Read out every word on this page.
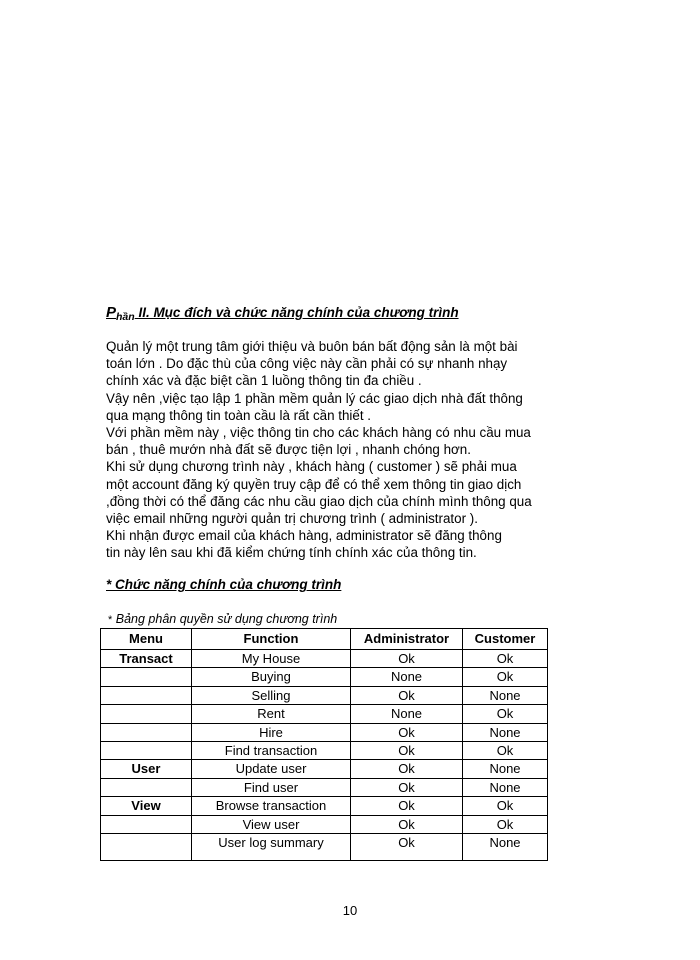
$P_{hần}$ II. Mục đích và chức năng chính của chương trình
Quản lý một trung tâm giới thiệu và buôn bán bất động sản là một bài
toán lớn . Do đặc thù của công việc này cần phải có sự nhanh nhạy
chính xác và đặc biệt cần 1 luồng thông tin đa chiều .
Vậy nên ,việc tạo lập 1 phần mềm quản lý các giao dịch nhà đất thông
qua mạng thông tin toàn cầu là rất cần thiết .
Với phần mềm này , việc thông tin cho các khách hàng có nhu cầu mua
bán , thuê mướn nhà đất sẽ được tiện lợi , nhanh chóng hơn.
Khi sử dụng chương trình này , khách hàng ( customer ) sẽ phải mua
một account đăng ký quyền truy cập để có thể xem thông tin giao dịch
,đồng thời có thể đăng các nhu cầu giao dịch của chính mình thông qua
việc email những người quản trị chương trình ( administrator ).
Khi nhận được email của khách hàng, administrator sẽ đăng thông
tin này lên sau khi đã kiểm chứng tính chính xác của thông tin.
* Chức năng chính của chương trình
* Bảng phân quyền sử dụng chương trình
Menu	Function	Administrator	Customer
Transact	My House	Ok	Ok
	Buying	None	Ok
	Selling	Ok	None
	Rent	None	Ok
	Hire	Ok	None
	Find transaction	Ok	Ok
User	Update user	Ok	None
	Find user	Ok	None
View	Browse transaction	Ok	Ok
	View user	Ok	Ok
	User log summary	Ok	None
10
